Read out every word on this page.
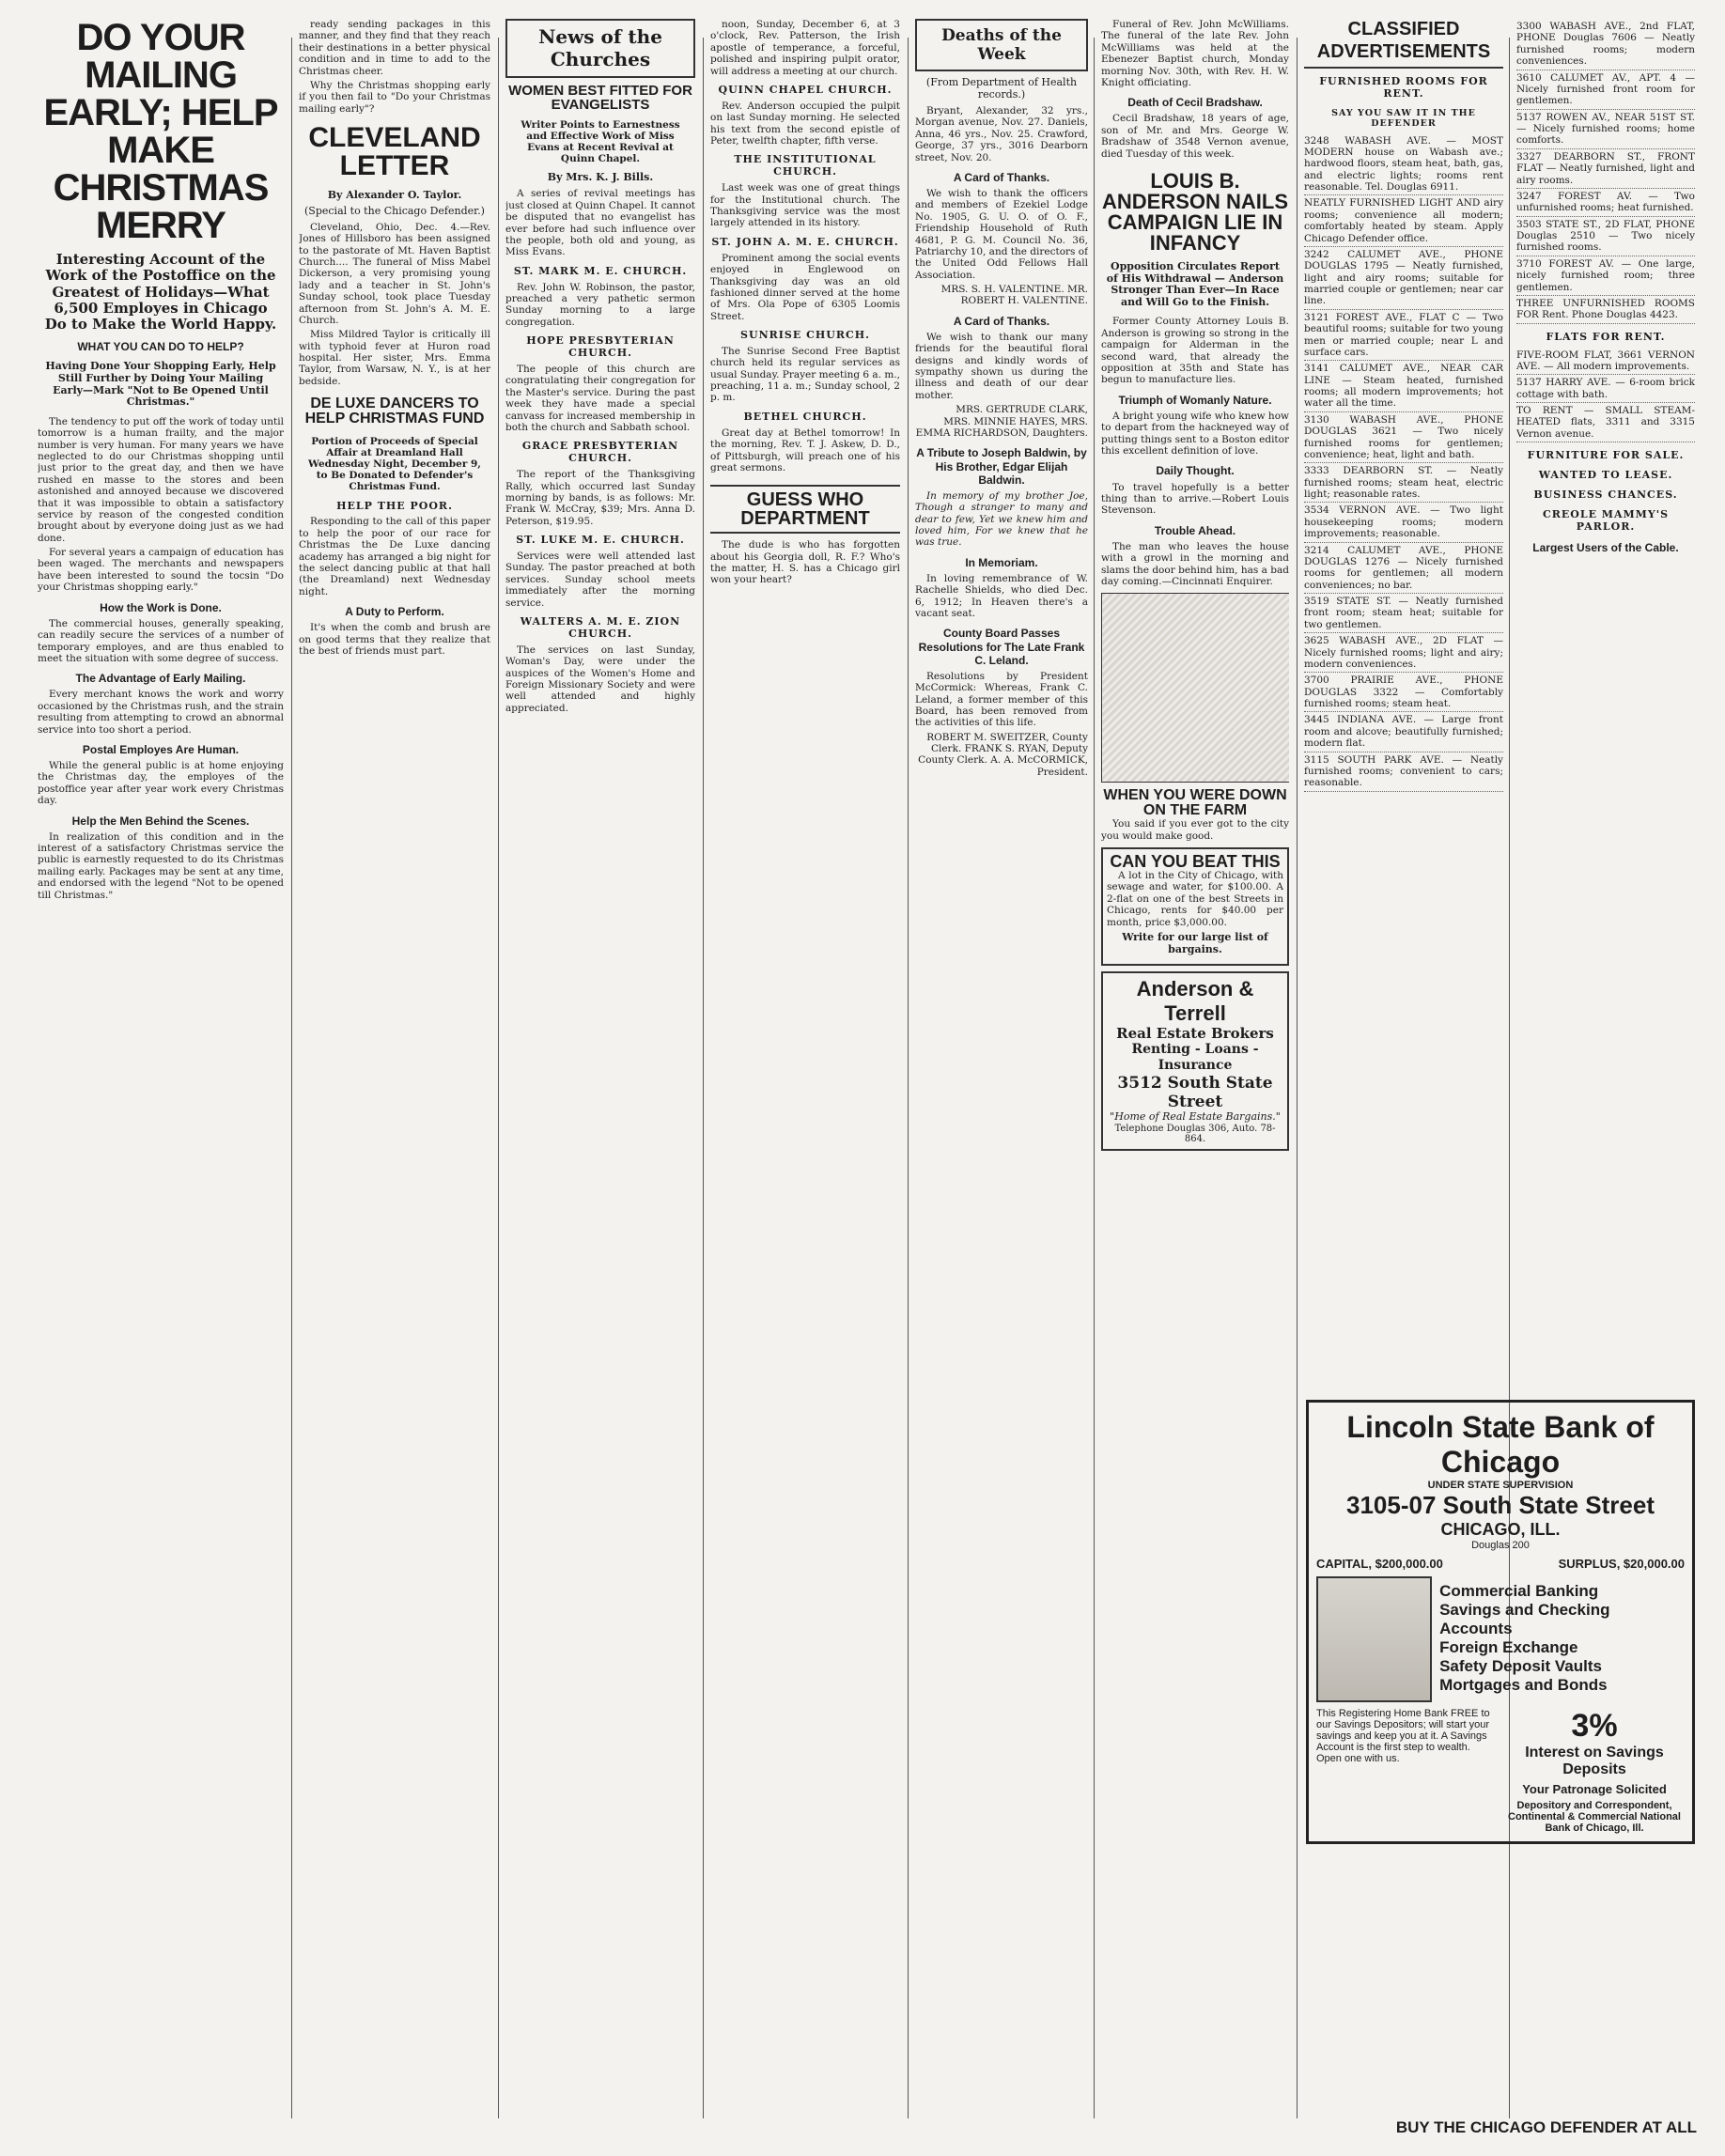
DO YOUR MAILING EARLY; HELP MAKE CHRISTMAS MERRY
Interesting Account of the Work of the Postoffice on the Greatest of Holidays—What 6,500 Employes in Chicago Do to Make the World Happy.
WHAT YOU CAN DO TO HELP?
Having Done Your Shopping Early, Help Still Further by Doing Your Mailing Early—Mark "Not to Be Opened Until Christmas."

The tendency to put off the work of today until tomorrow is a human frailty, and the major number is very human. For many years we have neglected to do our Christmas shopping until just prior to the great day, and then we have rushed en masse to the stores and been astonished and annoyed because we discovered that it was impossible to obtain a satisfactory service by reason of the congested condition brought about by everyone doing just as we had done.

For several years a campaign of education has been waged. The merchants and newspapers have been interested to sound the tocsin "Do your Christmas shopping early."

How the Work is Done.

The commercial houses, generally speaking, can readily secure the services of a number of temporary employes, and are thus enabled to meet the situation with some degree of success.

The Advantage of Early Mailing.

Every merchant knows the work and worry occasioned by the Christmas rush, and the strain resulting from attempting to crowd an abnormal service into too short a period.

Postal Employes Are Human.

While the general public is at home enjoying the Christmas day, the employes of the postoffice year after year work every Christmas day.

Help the Men Behind the Scenes.

In realization of this condition and in the interest of a satisfactory Christmas service the public is earnestly requested to do its Christmas mailing early. Packages may be sent at any time, and endorsed with the legend "Not to be opened till Christmas."

ready sending packages in this manner, and they find that they reach their destinations in a better physical condition and in time to add to the Christmas cheer.

Why the Christmas shopping early if you then fail to "Do your Christmas mailing early"?

CLEVELAND LETTER
By Alexander O. Taylor.
(Special to the Chicago Defender.)

Cleveland, Ohio, Dec. 4.—Rev. Jones of Hillsboro has been assigned to the pastorate of Mt. Haven Baptist Church.... The funeral of Miss Mabel Dickerson, a very promising young lady and a teacher in St. John's Sunday school, took place Tuesday afternoon from St. John's A. M. E. Church.

Miss Mildred Taylor is critically ill with typhoid fever at Huron road hospital. Her sister, Mrs. Emma Taylor, from Warsaw, N. Y., is at her bedside.

DE LUXE DANCERS TO HELP CHRISTMAS FUND
Portion of Proceeds of Special Affair at Dreamland Hall Wednesday Night, December 9, to Be Donated to Defender's Christmas Fund.
HELP THE POOR.

Responding to the call of this paper to help the poor of our race for Christmas the De Luxe dancing academy has arranged a big night for the select dancing public at that hall (the Dreamland) next Wednesday night.

A Duty to Perform.

It's when the comb and brush are on good terms that they realize that the best of friends must part.

News of the Churches
WOMEN BEST FITTED FOR EVANGELISTS
Writer Points to Earnestness and Effective Work of Miss Evans at Recent Revival at Quinn Chapel.
By Mrs. K. J. Bills.

A series of revival meetings has just closed at Quinn Chapel. It cannot be disputed that no evangelist has ever before had such influence over the people, both old and young, as Miss Evans.

ST. MARK M. E. CHURCH.

Rev. John W. Robinson, the pastor, preached a very pathetic sermon Sunday morning to a large congregation.

HOPE PRESBYTERIAN CHURCH.

The people of this church are congratulating their congregation for the Master's service. During the past week they have made a special canvass for increased membership in both the church and Sabbath school.

GRACE PRESBYTERIAN CHURCH.

The report of the Thanksgiving Rally, which occurred last Sunday morning by bands, is as follows: Mr. Frank W. McCray, $39; Mrs. Anna D. Peterson, $19.95.

ST. LUKE M. E. CHURCH.

Services were well attended last Sunday. The pastor preached at both services. Sunday school meets immediately after the morning service.

WALTERS A. M. E. ZION CHURCH.

The services on last Sunday, Woman's Day, were under the auspices of the Women's Home and Foreign Missionary Society and were well attended and highly appreciated.

noon, Sunday, December 6, at 3 o'clock, Rev. Patterson, the Irish apostle of temperance, a forceful, polished and inspiring pulpit orator, will address a meeting at our church.

QUINN CHAPEL CHURCH.

Rev. Anderson occupied the pulpit on last Sunday morning. He selected his text from the second epistle of Peter, twelfth chapter, fifth verse.

THE INSTITUTIONAL CHURCH.

Last week was one of great things for the Institutional church. The Thanksgiving service was the most largely attended in its history.

ST. JOHN A. M. E. CHURCH.

Prominent among the social events enjoyed in Englewood on Thanksgiving day was an old fashioned dinner served at the home of Mrs. Ola Pope of 6305 Loomis Street.

SUNRISE CHURCH.

The Sunrise Second Free Baptist church held its regular services as usual Sunday. Prayer meeting 6 a. m., preaching, 11 a. m.; Sunday school, 2 p. m.

BETHEL CHURCH.

Great day at Bethel tomorrow! In the morning, Rev. T. J. Askew, D. D., of Pittsburgh, will preach one of his great sermons.

GUESS WHO DEPARTMENT

The dude is who has forgotten about his Georgia doll, R. F.? Who's the matter, H. S. has a Chicago girl won your heart?

Deaths of the Week
(From Department of Health records.)

Bryant, Alexander, 32 yrs., Morgan avenue, Nov. 27. Daniels, Anna, 46 yrs., Nov. 25. Crawford, George, 37 yrs., 3016 Dearborn street, Nov. 20.

A Card of Thanks.

We wish to thank the officers and members of Ezekiel Lodge No. 1905, G. U. O. of O. F., Friendship Household of Ruth 4681, P. G. M. Council No. 36, Patriarchy 10, and the directors of the United Odd Fellows Hall Association.

MRS. S. H. VALENTINE. MR. ROBERT H. VALENTINE.

A Card of Thanks.

We wish to thank our many friends for the beautiful floral designs and kindly words of sympathy shown us during the illness and death of our dear mother.

MRS. GERTRUDE CLARK, MRS. MINNIE HAYES, MRS. EMMA RICHARDSON, Daughters.

A Tribute to Joseph Baldwin, by His Brother, Edgar Elijah Baldwin.

In memory of my brother Joe, Though a stranger to many and dear to few, Yet we knew him and loved him, For we knew that he was true.

In Memoriam.

In loving remembrance of W. Rachelle Shields, who died Dec. 6, 1912; In Heaven there's a vacant seat.

County Board Passes Resolutions for The Late Frank C. Leland.

Resolutions by President McCormick: Whereas, Frank C. Leland, a former member of this Board, has been removed from the activities of this life.

ROBERT M. SWEITZER, County Clerk. FRANK S. RYAN, Deputy County Clerk. A. A. McCORMICK, President.

Funeral of Rev. John McWilliams. The funeral of the late Rev. John McWilliams was held at the Ebenezer Baptist church, Monday morning Nov. 30th, with Rev. H. W. Knight officiating.

Death of Cecil Bradshaw.

Cecil Bradshaw, 18 years of age, son of Mr. and Mrs. George W. Bradshaw of 3548 Vernon avenue, died Tuesday of this week.

LOUIS B. ANDERSON NAILS CAMPAIGN LIE IN INFANCY
Opposition Circulates Report of His Withdrawal — Anderson Stronger Than Ever—In Race and Will Go to the Finish.

Former County Attorney Louis B. Anderson is growing so strong in the campaign for Alderman in the second ward, that already the opposition at 35th and State has begun to manufacture lies.

Triumph of Womanly Nature.

A bright young wife who knew how to depart from the hackneyed way of putting things sent to a Boston editor this excellent definition of love.

Daily Thought.

To travel hopefully is a better thing than to arrive.—Robert Louis Stevenson.

Trouble Ahead.

The man who leaves the house with a growl in the morning and slams the door behind him, has a bad day coming.—Cincinnati Enquirer.

WHEN YOU WERE DOWN ON THE FARM

You said if you ever got to the city you would make good.

CAN YOU BEAT THIS

A lot in the City of Chicago, with sewage and water, for $100.00. A 2-flat on one of the best Streets in Chicago, rents for $40.00 per month, price $3,000.00.

Write for our large list of bargains.
Anderson & Terrell
Real Estate Brokers
Renting - Loans - Insurance
3512 South State Street
"Home of Real Estate Bargains."
Telephone Douglas 306, Auto. 78-864.
CLASSIFIED ADVERTISEMENTS
FURNISHED ROOMS FOR RENT.
SAY YOU SAW IT IN THE DEFENDER
3248 WABASH AVE. — MOST MODERN house on Wabash ave.; hardwood floors, steam heat, bath, gas, and electric lights; rooms rent reasonable. Tel. Douglas 6911.
NEATLY FURNISHED LIGHT AND airy rooms; convenience all modern; comfortably heated by steam. Apply Chicago Defender office.
3242 CALUMET AVE., PHONE DOUGLAS 1795 — Neatly furnished, light and airy rooms; suitable for married couple or gentlemen; near car line.
3121 FOREST AVE., FLAT C — Two beautiful rooms; suitable for two young men or married couple; near L and surface cars.
3141 CALUMET AVE., NEAR CAR LINE — Steam heated, furnished rooms; all modern improvements; hot water all the time.
3130 WABASH AVE., PHONE DOUGLAS 3621 — Two nicely furnished rooms for gentlemen; convenience; heat, light and bath.
3333 DEARBORN ST. — Neatly furnished rooms; steam heat, electric light; reasonable rates.
3534 VERNON AVE. — Two light housekeeping rooms; modern improvements; reasonable.
3214 CALUMET AVE., PHONE DOUGLAS 1276 — Nicely furnished rooms for gentlemen; all modern conveniences; no bar.
3519 STATE ST. — Neatly furnished front room; steam heat; suitable for two gentlemen.
3625 WABASH AVE., 2D FLAT — Nicely furnished rooms; light and airy; modern conveniences.
3700 PRAIRIE AVE., PHONE DOUGLAS 3322 — Comfortably furnished rooms; steam heat.
3445 INDIANA AVE. — Large front room and alcove; beautifully furnished; modern flat.
3115 SOUTH PARK AVE. — Neatly furnished rooms; convenient to cars; reasonable.
3300 WABASH AVE., 2nd FLAT, PHONE Douglas 7606 — Neatly furnished rooms; modern conveniences.
3610 CALUMET AV., APT. 4 — Nicely furnished front room for gentlemen.
5137 ROWEN AV., NEAR 51ST ST. — Nicely furnished rooms; home comforts.
3327 DEARBORN ST., FRONT FLAT — Neatly furnished, light and airy rooms.
3247 FOREST AV. — Two unfurnished rooms; heat furnished.
3503 STATE ST., 2D FLAT, PHONE Douglas 2510 — Two nicely furnished rooms.
3710 FOREST AV. — One large, nicely furnished room; three gentlemen.
THREE UNFURNISHED ROOMS FOR Rent. Phone Douglas 4423.
FLATS FOR RENT.
FIVE-ROOM FLAT, 3661 VERNON AVE. — All modern improvements.
5137 HARRY AVE. — 6-room brick cottage with bath.
TO RENT — SMALL STEAM-HEATED flats, 3311 and 3315 Vernon avenue.
FURNITURE FOR SALE.
WANTED TO LEASE.
BUSINESS CHANCES.
CREOLE MAMMY'S PARLOR.
Largest Users of the Cable.
Lincoln State Bank of Chicago
UNDER STATE SUPERVISION
3105-07 South State Street
CHICAGO, ILL.
Douglas 200
CAPITAL, $200,000.00	SURPLUS, $20,000.00
Commercial Banking
Savings and Checking Accounts
Foreign Exchange
Safety Deposit Vaults
Mortgages and Bonds
This Registering Home Bank FREE to our Savings Depositors; will start your savings and keep you at it. A Savings Account is the first step to wealth. Open one with us.
3%
Interest on Savings Deposits
Your Patronage Solicited
Depository and Correspondent, Continental & Commercial National Bank of Chicago, Ill.
BUY THE CHICAGO DEFENDER AT ALL
